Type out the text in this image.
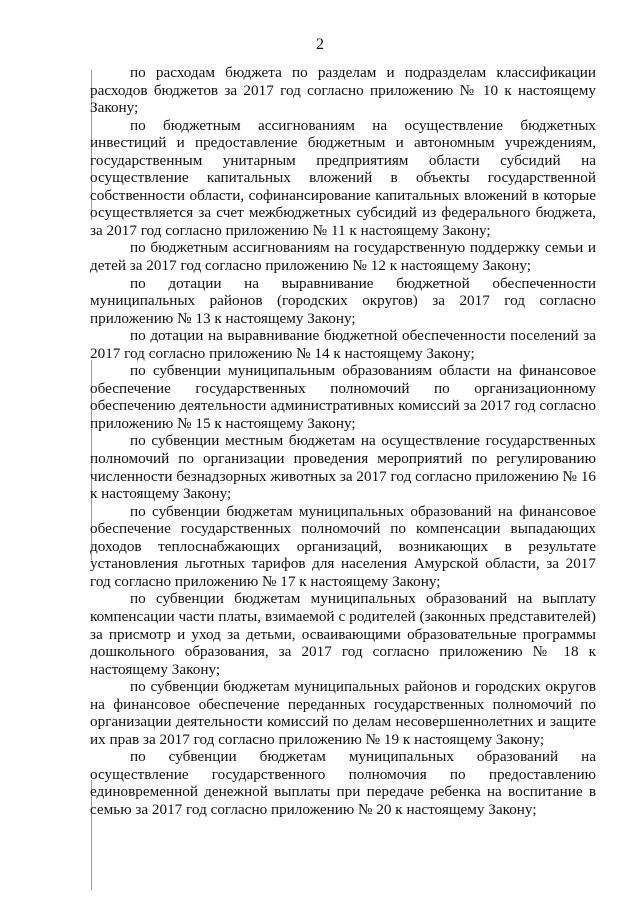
2

по расходам бюджета по разделам и подразделам классификации расходов бюджетов за 2017 год согласно приложению № 10 к настоящему Закону;

по бюджетным ассигнованиям на осуществление бюджетных инвестиций и предоставление бюджетным и автономным учреждениям, государственным унитарным предприятиям области субсидий на осуществление капитальных вложений в объекты государственной собственности области, софинансирование капитальных вложений в которые осуществляется за счет межбюджетных субсидий из федерального бюджета, за 2017 год согласно приложению № 11 к настоящему Закону;

по бюджетным ассигнованиям на государственную поддержку семьи и детей за 2017 год согласно приложению № 12 к настоящему Закону;

по дотации на выравнивание бюджетной обеспеченности муниципальных районов (городских округов) за 2017 год согласно приложению № 13 к настоящему Закону;

по дотации на выравнивание бюджетной обеспеченности поселений за 2017 год согласно приложению № 14 к настоящему Закону;

по субвенции муниципальным образованиям области на финансовое обеспечение государственных полномочий по организационному обеспечению деятельности административных комиссий за 2017 год согласно приложению № 15 к настоящему Закону;

по субвенции местным бюджетам на осуществление государственных полномочий по организации проведения мероприятий по регулированию численности безнадзорных животных за 2017 год согласно приложению № 16 к настоящему Закону;

по субвенции бюджетам муниципальных образований на финансовое обеспечение государственных полномочий по компенсации выпадающих доходов теплоснабжающих организаций, возникающих в результате установления льготных тарифов для населения Амурской области, за 2017 год согласно приложению № 17 к настоящему Закону;

по субвенции бюджетам муниципальных образований на выплату компенсации части платы, взимаемой с родителей (законных представителей) за присмотр и уход за детьми, осваивающими образовательные программы дошкольного образования, за 2017 год согласно приложению № 18 к настоящему Закону;

по субвенции бюджетам муниципальных районов и городских округов на финансовое обеспечение переданных государственных полномочий по организации деятельности комиссий по делам несовершеннолетних и защите их прав за 2017 год согласно приложению № 19 к настоящему Закону;

по субвенции бюджетам муниципальных образований на осуществление государственного полномочия по предоставлению единовременной денежной выплаты при передаче ребенка на воспитание в семью за 2017 год согласно приложению № 20 к настоящему Закону;
